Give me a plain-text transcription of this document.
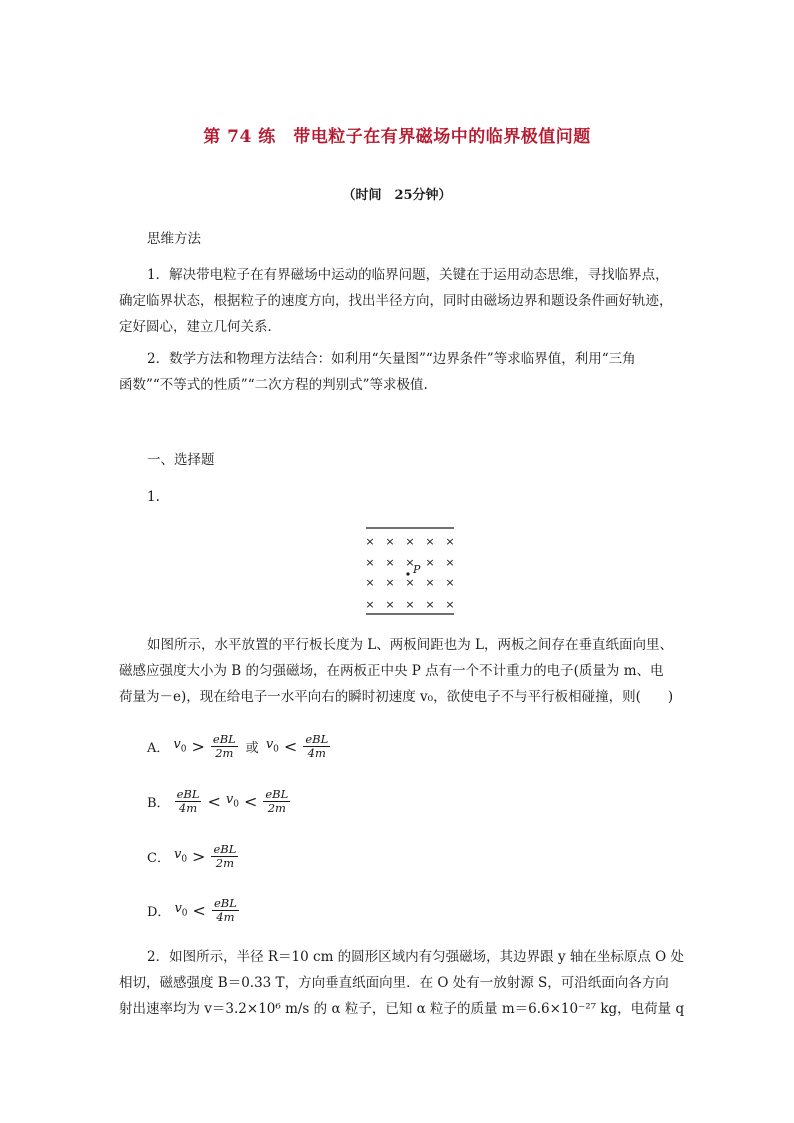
第 74 练　带电粒子在有界磁场中的临界极值问题
（时间　25分钟）
思维方法
1．解决带电粒子在有界磁场中运动的临界问题，关键在于运用动态思维，寻找临界点，
确定临界状态，根据粒子的速度方向，找出半径方向，同时由磁场边界和题设条件画好轨迹，
定好圆心，建立几何关系．
2．数学方法和物理方法结合：如利用“矢量图”“边界条件”等求临界值，利用“三角
函数”“不等式的性质”“二次方程的判别式”等求极值.
一、选择题
1.
× × × × ×
× × × × ×
× × × × ×
× × × × ×
P
如图所示，水平放置的平行板长度为 L、两板间距也为 L，两板之间存在垂直纸面向里、
磁感应强度大小为 B 的匀强磁场，在两板正中央 P 点有一个不计重力的电子(质量为 m、电
荷量为－e)，现在给电子一水平向右的瞬时初速度 v₀，欲使电子不与平行板相碰撞，则(　　)
A． $v_0 > \frac{\text{eBL}}{2m}$ 或 $v_0 < \frac{\text{eBL}}{4m}$
B． $\frac{\text{eBL}}{4m} < v_0 < \frac{\text{eBL}}{2m}$
C． $v_0 > \frac{\text{eBL}}{2m}$
D． $v_0 < \frac{\text{eBL}}{4m}$
2．如图所示，半径 R＝10 cm 的圆形区域内有匀强磁场，其边界跟 y 轴在坐标原点 O 处
相切，磁感强度 B＝0.33 T，方向垂直纸面向里．在 O 处有一放射源 S，可沿纸面向各方向
射出速率均为 v＝3.2×10⁶ m/s 的 α 粒子，已知 α 粒子的质量 m＝6.6×10⁻²⁷ kg，电荷量 q
